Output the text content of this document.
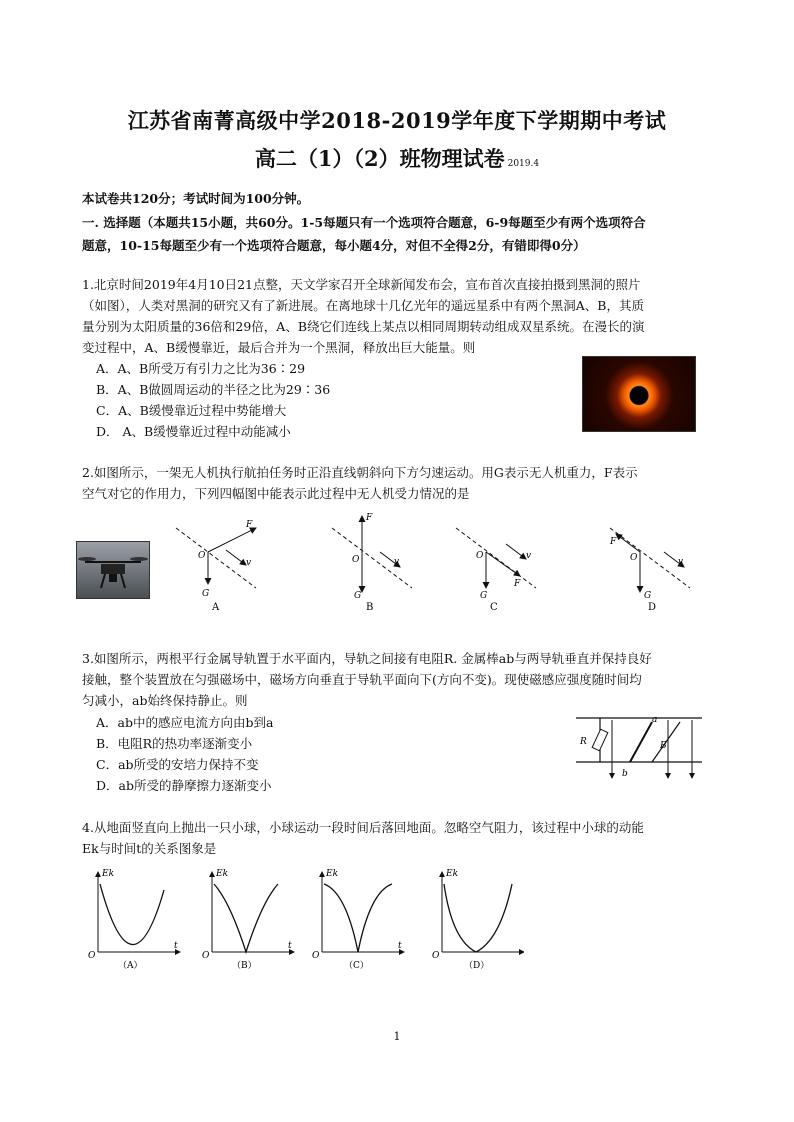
江苏省南菁高级中学2018-2019学年度下学期期中考试
高二（1）（2）班物理试卷 2019.4
本试卷共120分；考试时间为100分钟。
一. 选择题（本题共15小题，共60分。1-5每题只有一个选项符合题意，6-9每题至少有两个选项符合
题意，10-15每题至少有一个选项符合题意，每小题4分，对但不全得2分，有错即得0分）
1.北京时间2019年4月10日21点整，天文学家召开全球新闻发布会，宣布首次直接拍摄到黑洞的照片
（如图），人类对黑洞的研究又有了新进展。在离地球十几亿光年的遥远星系中有两个黑洞A、B，其质
量分别为太阳质量的36倍和29倍，A、B绕它们连线上某点以相同周期转动组成双星系统。在漫长的演
变过程中，A、B缓慢靠近，最后合并为一个黑洞，释放出巨大能量。则
A．A、B所受万有引力之比为36∶29
B．A、B做圆周运动的半径之比为29∶36
C．A、B缓慢靠近过程中势能增大
D． A、B缓慢靠近过程中动能减小
2.如图所示，一架无人机执行航拍任务时正沿直线朝斜向下方匀速运动。用G表示无人机重力，F表示
空气对它的作用力，下列四幅图中能表示此过程中无人机受力情况的是
O
F
G
v
A
O
F
G
v
B
O
F
G
v
C
O
F
G
v
D
3.如图所示，两根平行金属导轨置于水平面内，导轨之间接有电阻R. 金属棒ab与两导轨垂直并保持良好
接触，整个装置放在匀强磁场中，磁场方向垂直于导轨平面向下(方向不变)。现使磁感应强度随时间均
匀减小，ab始终保持静止。则
A．ab中的感应电流方向由b到a
B．电阻R的热功率逐渐变小
C．ab所受的安培力保持不变
D．ab所受的静摩擦力逐渐变小
R
a
b
B
4.从地面竖直向上抛出一只小球，小球运动一段时间后落回地面。忽略空气阻力，该过程中小球的动能
Ek与时间t的关系图象是
O
Ek
t
（A）
O
Ek
t
（B）
O
Ek
t
（C）
O
Ek
（D）
1
